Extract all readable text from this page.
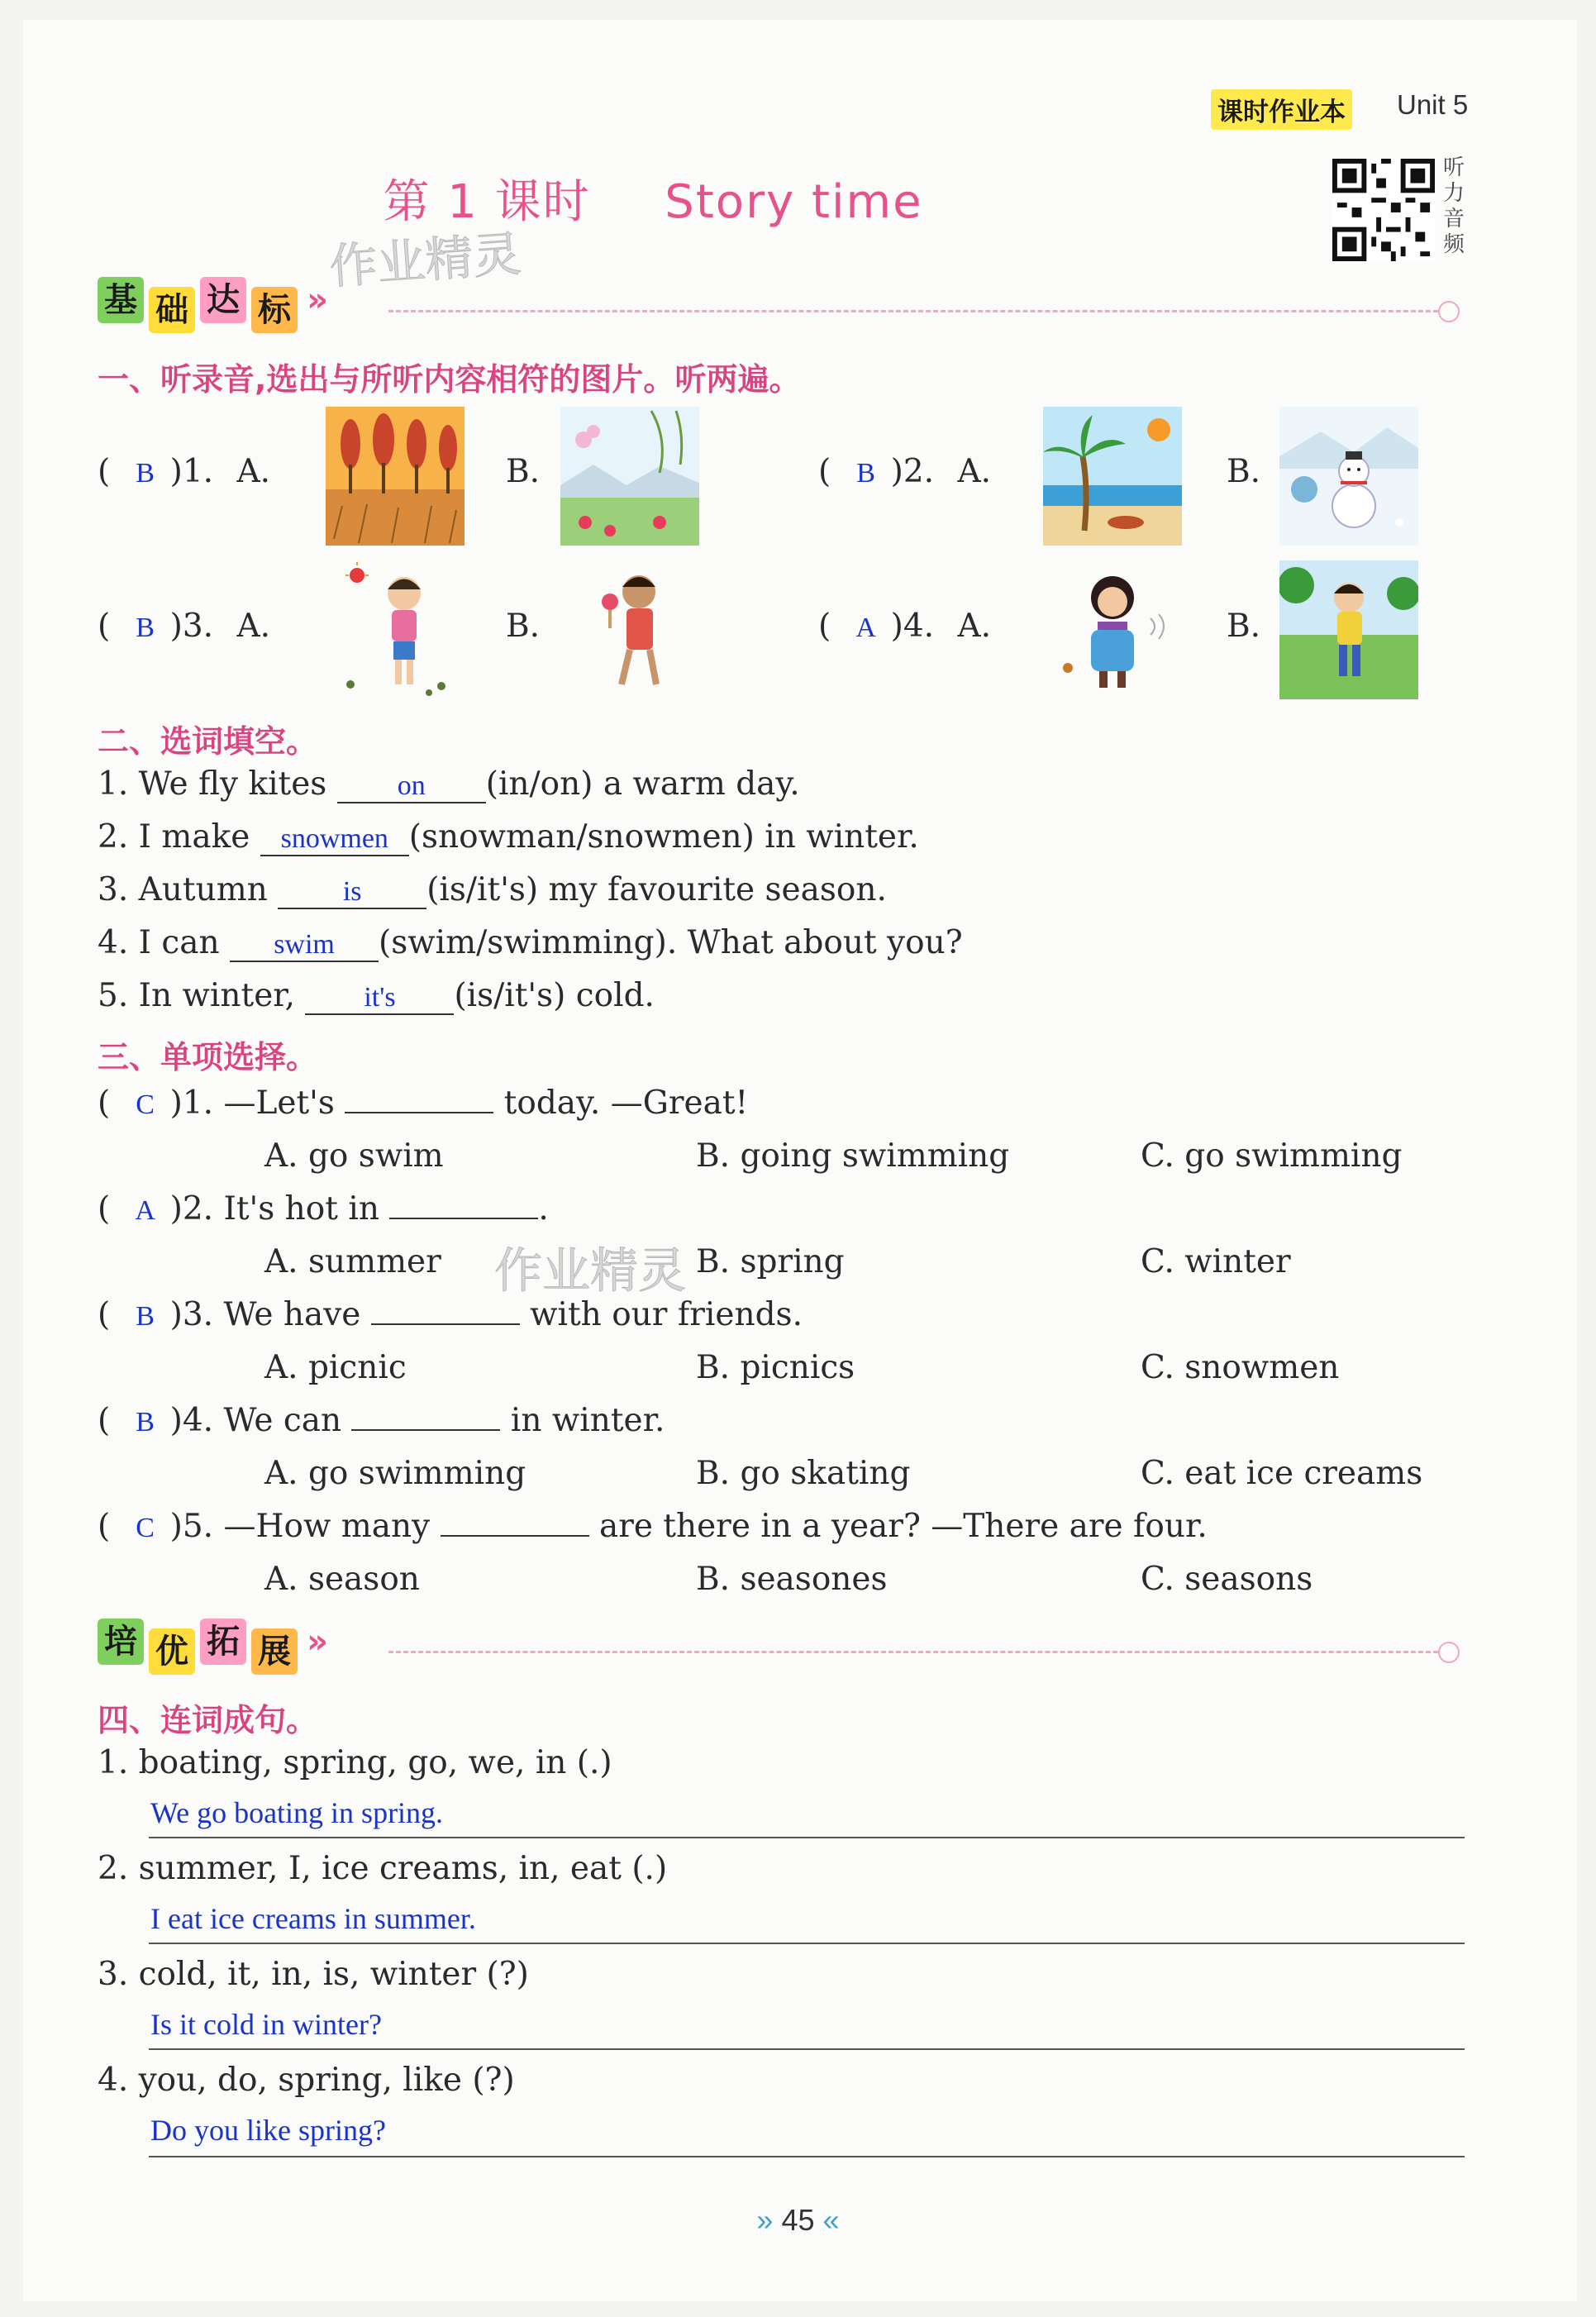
课时作业本 Unit 5
第 1 课时 Story time
听力音频
作业精灵
作业精灵
基 础 达 标 »
一、听录音,选出与所听内容相符的图片。听两遍。
( B )1. A.	B.	( B )2. A.	B.
( B )3. A.	B.	( A )4. A.	B.
二、选词填空。
1. We fly kites	on (in/on) a warm day.
2. I make snowmen (snowman/snowmen) in winter.
3. Autumn	is (is/it's) my favourite season.
4. I can swim (swim/swimming). What about you?
5. In winter, it's (is/it's) cold.
三、单项选择。
( C )1. —Let's	today. —Great!
A. go swim	B. going swimming	C. go swimming
( A )2. It's hot in	.
A. summer	B. spring	C. winter
( B )3. We have	with our friends.
A. picnic	B. picnics	C. snowmen
( B )4. We can	in winter.
A. go swimming	B. go skating	C. eat ice creams
( C )5. —How many	are there in a year? —There are four.
A. season	B. seasones	C. seasons
培 优 拓 展 »
四、连词成句。
1. boating, spring, go, we, in (.)
We go boating in spring.
2. summer, I, ice creams, in, eat (.)
I eat ice creams in summer.
3. cold, it, in, is, winter (?)
Is it cold in winter?
4. you, do, spring, like (?)
Do you like spring?
» 45 «
